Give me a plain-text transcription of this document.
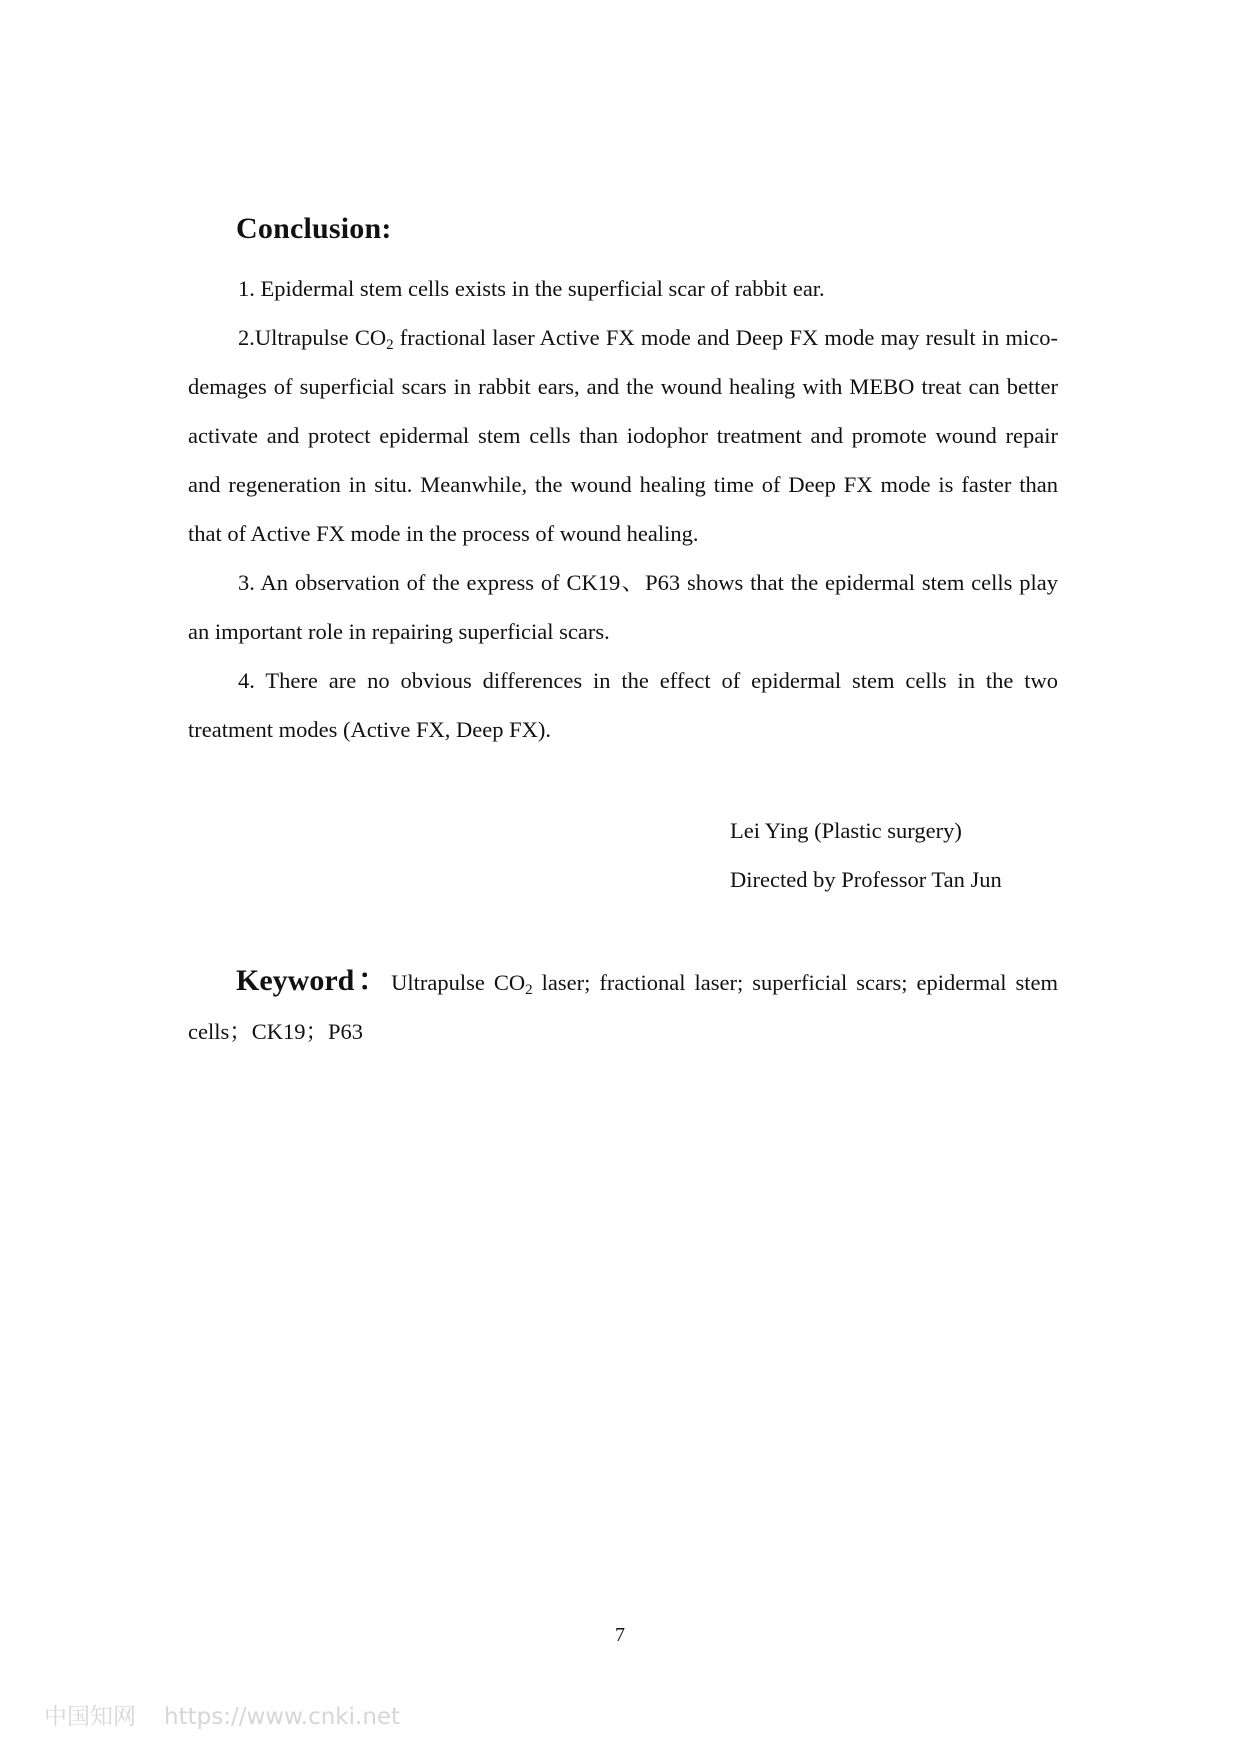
Conclusion:

1. Epidermal stem cells exists in the superficial scar of rabbit ear.

2.Ultrapulse $CO_2$ fractional laser Active FX mode and Deep FX mode may result in mico-demages of superficial scars in rabbit ears, and the wound healing with MEBO treat can better activate and protect epidermal stem cells than iodophor treatment and promote wound repair and regeneration in situ. Meanwhile, the wound healing time of Deep FX mode is faster than that of Active FX mode in the process of wound healing.

3. An observation of the express of CK19、P63 shows that the epidermal stem cells play an important role in repairing superficial scars.

4. There are no obvious differences in the effect of epidermal stem cells in the two treatment modes (Active FX, Deep FX).

Lei Ying (Plastic surgery)
Directed by Professor Tan Jun
Keyword：Ultrapulse $CO_2$ laser; fractional laser; superficial scars; epidermal stem cells；CK19；P63
7
中国知网 https://www.cnki.net
